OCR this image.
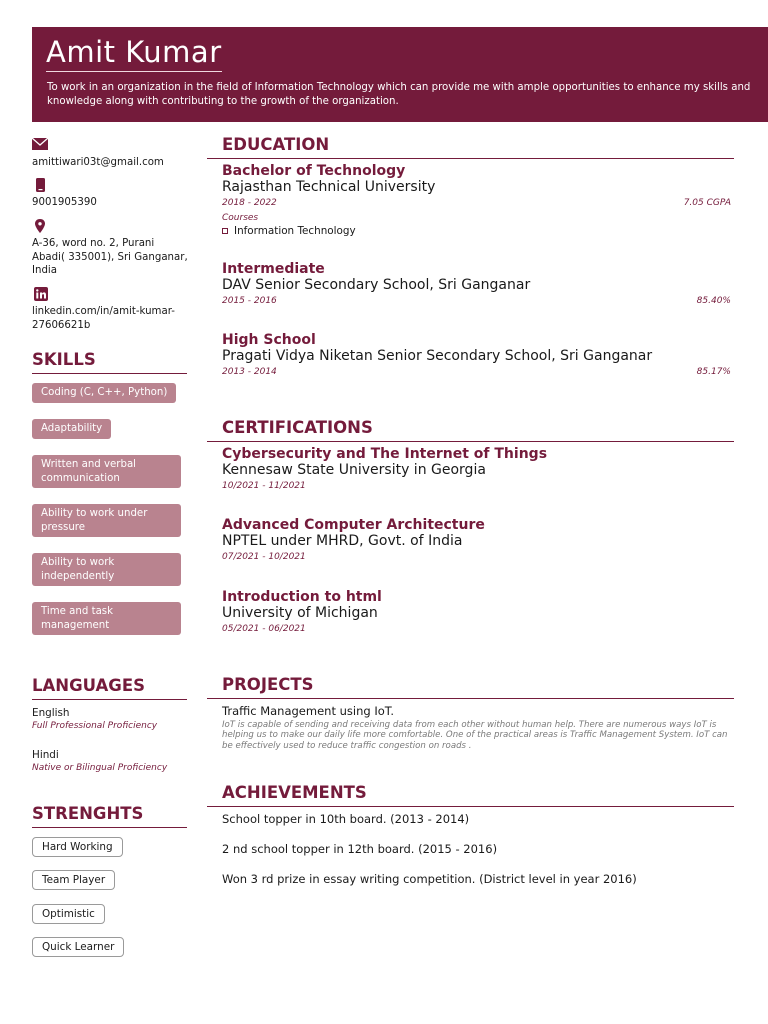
Amit Kumar
To work in an organization in the field of Information Technology which can provide me with ample opportunities to enhance my skills and knowledge along with contributing to the growth of the organization.
amittiwari03t@gmail.com
9001905390
A-36, word no. 2, Purani Abadi( 335001), Sri Ganganar, India
linkedin.com/in/amit-kumar-27606621b
SKILLS
Coding (C, C++, Python)
Adaptability
Written and verbal communication
Ability to work under pressure
Ability to work independently
Time and task management
LANGUAGES
English
Full Professional Proficiency
Hindi
Native or Bilingual Proficiency
STRENGHTS
Hard Working
Team Player
Optimistic
Quick Learner
EDUCATION
Bachelor of Technology
Rajasthan Technical University
2018 - 2022	7.05 CGPA
Courses
Information Technology
Intermediate
DAV Senior Secondary School, Sri Ganganar
2015 - 2016	85.40%
High School
Pragati Vidya Niketan Senior Secondary School, Sri Ganganar
2013 - 2014	85.17%
CERTIFICATIONS
Cybersecurity and The Internet of Things
Kennesaw State University in Georgia
10/2021 - 11/2021
Advanced Computer Architecture
NPTEL under MHRD, Govt. of India
07/2021 - 10/2021
Introduction to html
University of Michigan
05/2021 - 06/2021
PROJECTS
Traffic Management using IoT.
IoT is capable of sending and receiving data from each other without human help. There are numerous ways IoT is helping us to make our daily life more comfortable. One of the practical areas is Traffic Management System. IoT can be effectively used to reduce traffic congestion on roads .
ACHIEVEMENTS
School topper in 10th board. (2013 - 2014)
2 nd school topper in 12th board. (2015 - 2016)
Won 3 rd prize in essay writing competition. (District level in year 2016)
